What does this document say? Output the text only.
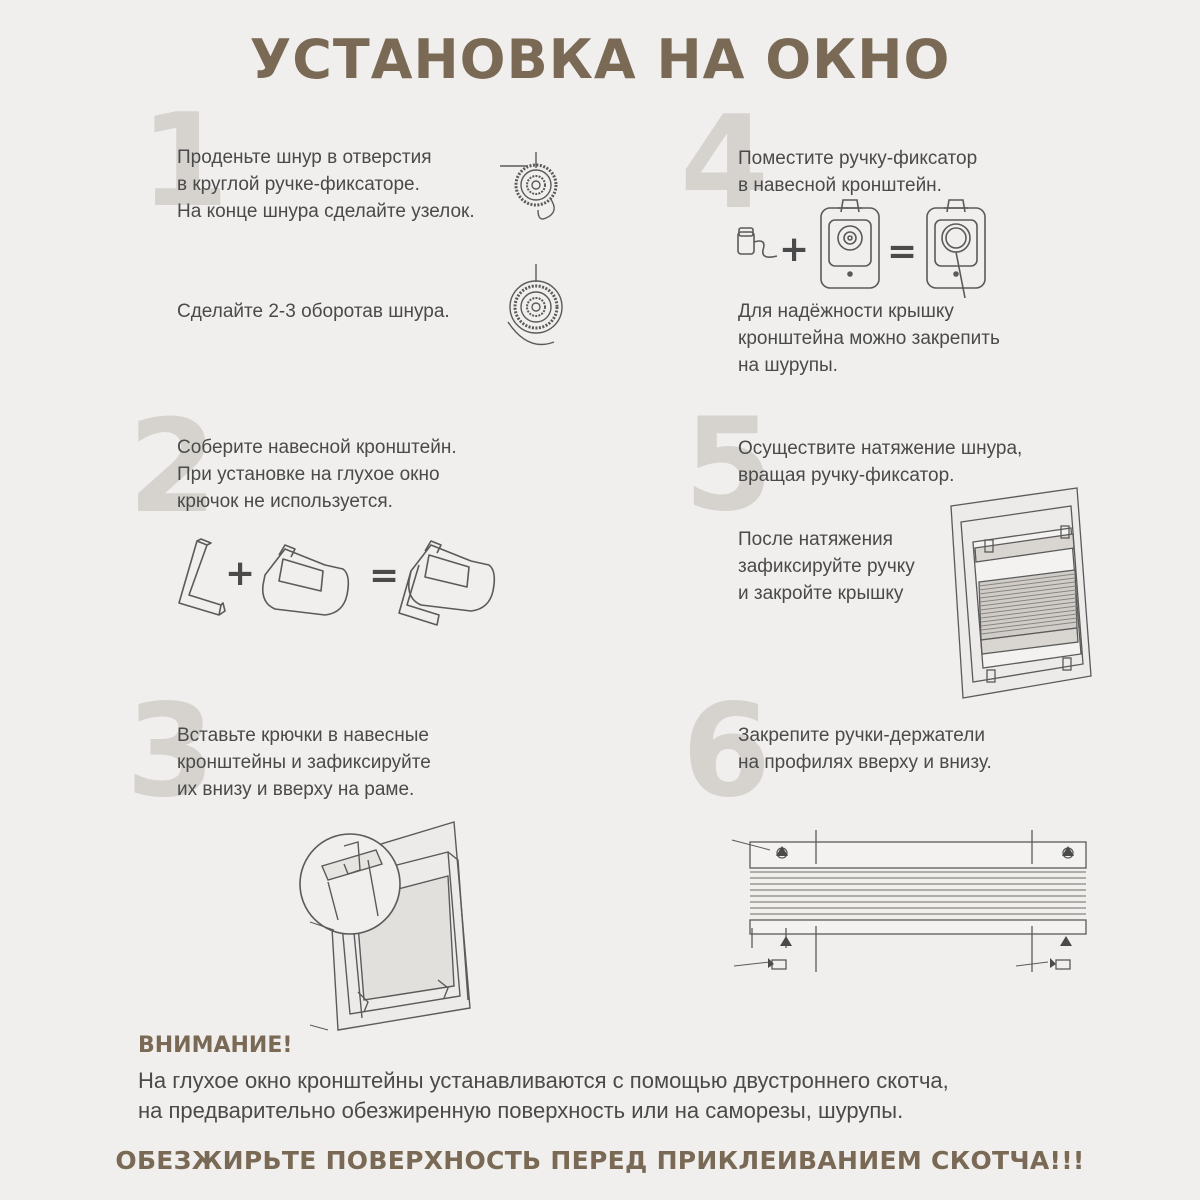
УСТАНОВКА НА ОКНО
1
Проденьте шнур в отверстия
в круглой ручке-фиксаторе.
На конце шнура сделайте узелок.
Сделайте 2-3 оборотав шнура.
2
Соберите навесной кронштейн.
При установке на глухое окно
крючок не используется.
+	=
3
Вставьте крючки в навесные
кронштейны и зафиксируйте
их внизу и вверху на раме.
4
Поместите ручку-фиксатор
в навесной кронштейн.
+ =
Для надёжности крышку
кронштейна можно закрепить
на шурупы.
5
Осуществите натяжение шнура,
вращая ручку-фиксатор.
После натяжения
зафиксируйте ручку
и закройте крышку
6
Закрепите ручки-держатели
на профилях вверху и внизу.
ВНИМАНИЕ!
На глухое окно кронштейны устанавливаются с помощью двустроннего скотча,
на предварительно обезжиренную поверхность или на саморезы, шурупы.
ОБЕЗЖИРЬТЕ ПОВЕРХНОСТЬ ПЕРЕД ПРИКЛЕИВАНИЕМ СКОТЧА!!!
